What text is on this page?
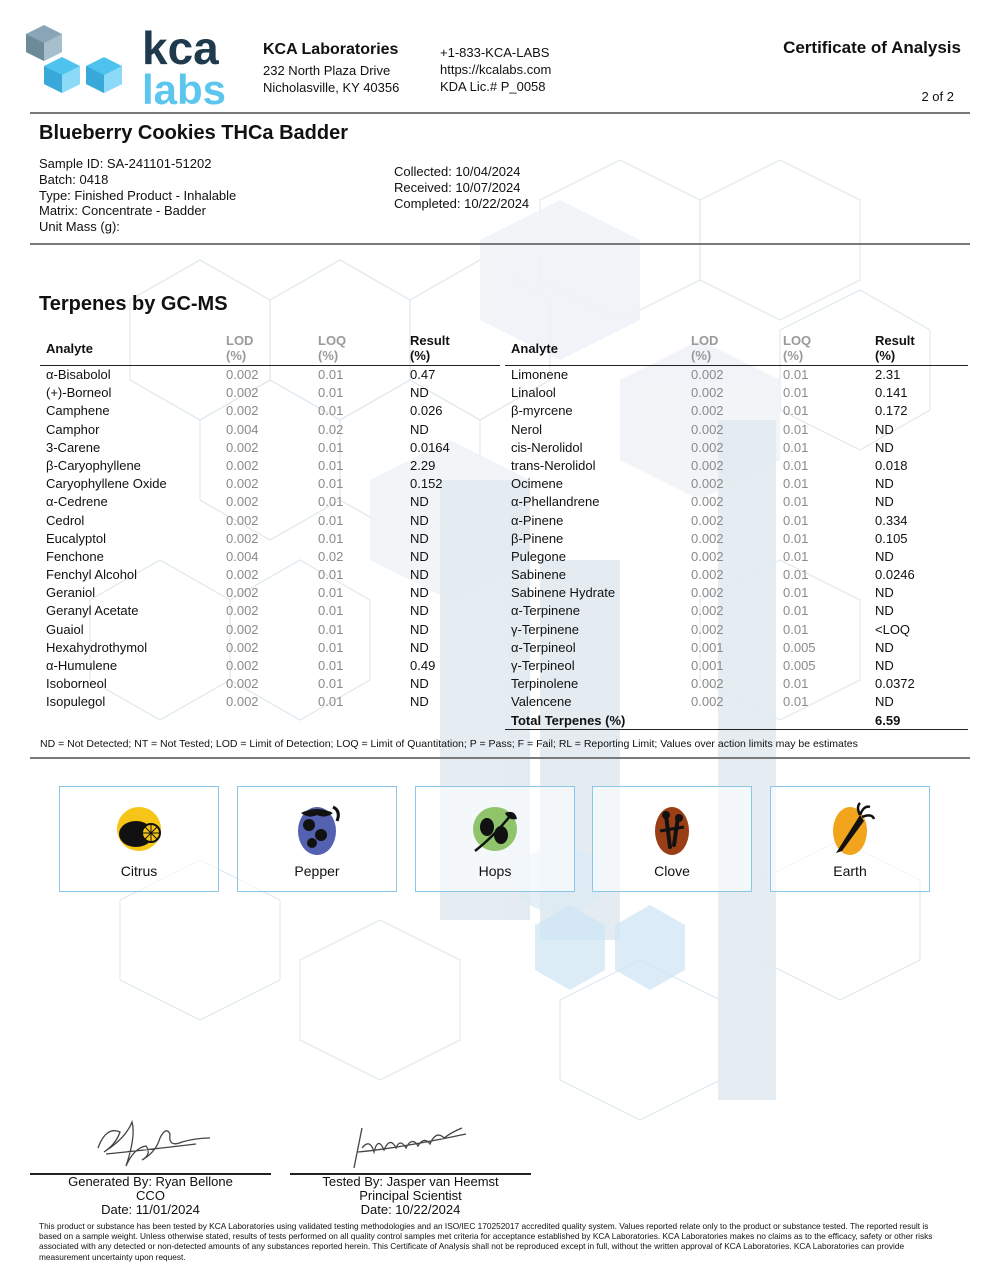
kca
labs
KCA Laboratories
232 North Plaza Drive
Nicholasville, KY 40356
+1-833-KCA-LABS
https://kcalabs.com
KDA Lic.# P_0058
Certificate of Analysis
2 of 2
Blueberry Cookies THCa Badder
Sample ID: SA-241101-51202
Batch: 0418
Type: Finished Product - Inhalable
Matrix: Concentrate - Badder
Unit Mass (g):
Collected: 10/04/2024
Received: 10/07/2024
Completed: 10/22/2024
Terpenes by GC-MS
Analyte
LOD
(%)
LOQ
(%)
Result
(%)
α-Bisabolol	0.002	0.01	0.47
(+)-Borneol	0.002	0.01	ND
Camphene	0.002	0.01	0.026
Camphor	0.004	0.02	ND
3-Carene	0.002	0.01	0.0164
β-Caryophyllene	0.002	0.01	2.29
Caryophyllene Oxide	0.002	0.01	0.152
α-Cedrene	0.002	0.01	ND
Cedrol	0.002	0.01	ND
Eucalyptol	0.002	0.01	ND
Fenchone	0.004	0.02	ND
Fenchyl Alcohol	0.002	0.01	ND
Geraniol	0.002	0.01	ND
Geranyl Acetate	0.002	0.01	ND
Guaiol	0.002	0.01	ND
Hexahydrothymol	0.002	0.01	ND
α-Humulene	0.002	0.01	0.49
Isoborneol	0.002	0.01	ND
Isopulegol	0.002	0.01	ND
Analyte
LOD
(%)
LOQ
(%)
Result
(%)
Limonene	0.002	0.01	2.31
Linalool	0.002	0.01	0.141
β-myrcene	0.002	0.01	0.172
Nerol	0.002	0.01	ND
cis-Nerolidol	0.002	0.01	ND
trans-Nerolidol	0.002	0.01	0.018
Ocimene	0.002	0.01	ND
α-Phellandrene	0.002	0.01	ND
α-Pinene	0.002	0.01	0.334
β-Pinene	0.002	0.01	0.105
Pulegone	0.002	0.01	ND
Sabinene	0.002	0.01	0.0246
Sabinene Hydrate	0.002	0.01	ND
α-Terpinene	0.002	0.01	ND
γ-Terpinene	0.002	0.01	<LOQ
α-Terpineol	0.001	0.005	ND
γ-Terpineol	0.001	0.005	ND
Terpinolene	0.002	0.01	0.0372
Valencene	0.002	0.01	ND
Total Terpenes (%)	6.59
ND = Not Detected; NT = Not Tested; LOD = Limit of Detection; LOQ = Limit of Quantitation; P = Pass; F = Fail; RL = Reporting Limit; Values over action limits may be estimates
Citrus	Pepper	Hops	Clove	Earth
Generated By: Ryan Bellone
CCO
Date: 11/01/2024
Tested By: Jasper van Heemst
Principal Scientist
Date: 10/22/2024
This product or substance has been tested by KCA Laboratories using validated testing methodologies and an ISO/IEC 170252017 accredited quality system. Values reported relate only to the product or substance tested. The reported result is based on a sample weight. Unless otherwise stated, results of tests performed on all quality control samples met criteria for acceptance established by KCA Laboratories. KCA Laboratories makes no claims as to the efficacy, safety or other risks associated with any detected or non-detected amounts of any substances reported herein. This Certificate of Analysis shall not be reproduced except in full, without the written approval of KCA Laboratories. KCA Laboratories can provide measurement uncertainty upon request.
